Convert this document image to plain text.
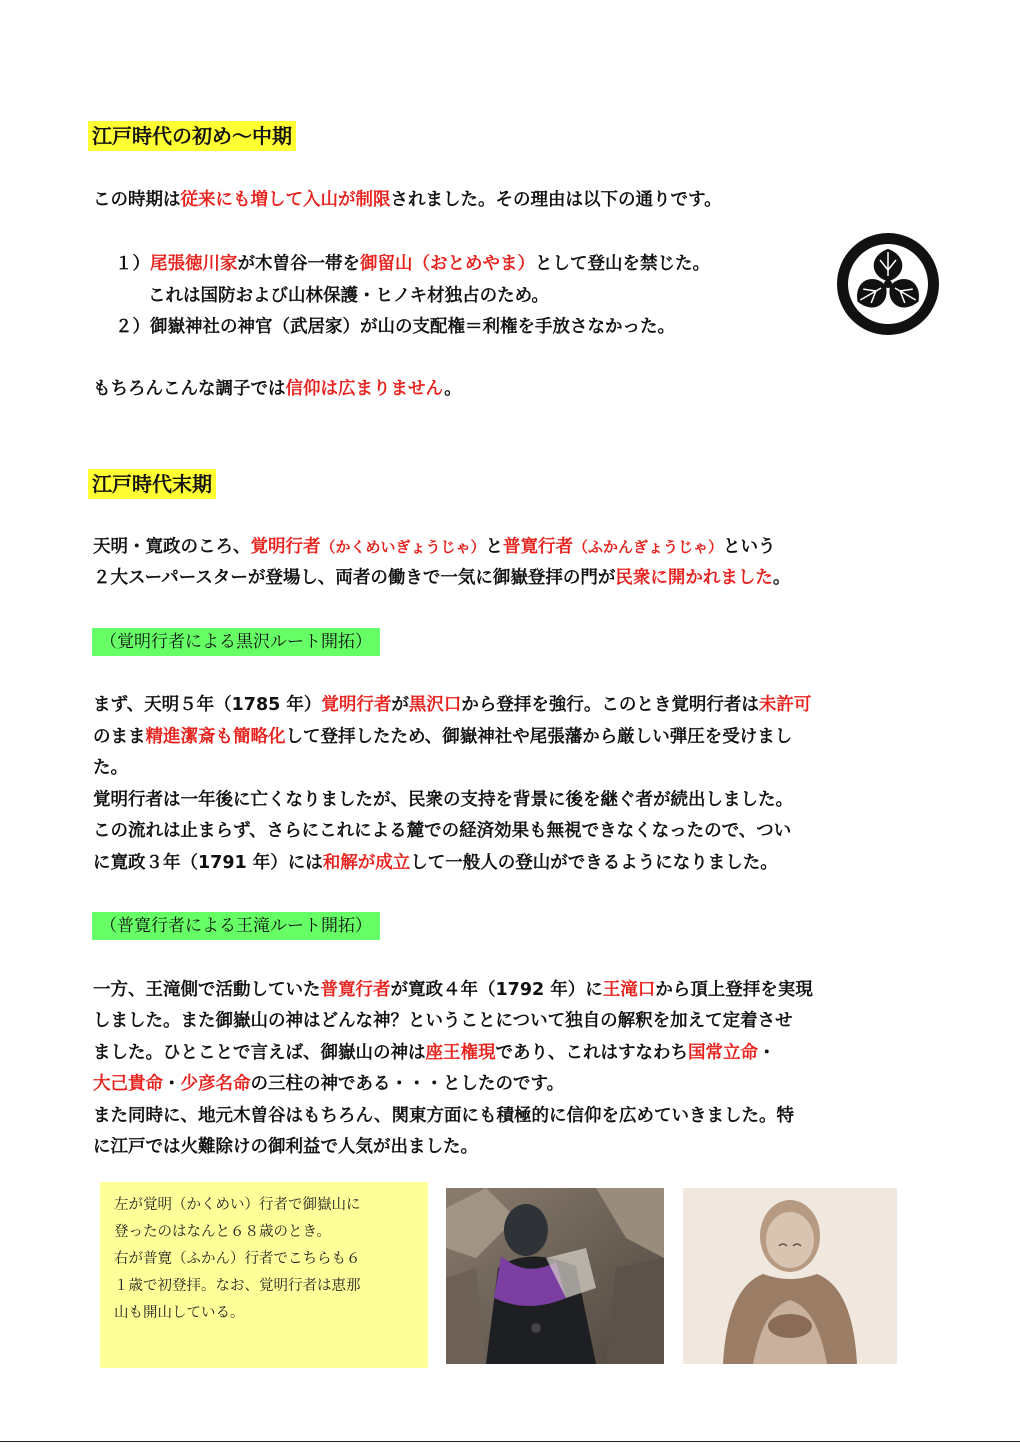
江戸時代の初め～中期
この時期は従来にも増して入山が制限されました。その理由は以下の通りです。
１）尾張徳川家が木曽谷一帯を御留山（おとめやま）として登山を禁じた。
これは国防および山林保護・ヒノキ材独占のため。
２）御嶽神社の神官（武居家）が山の支配権＝利権を手放さなかった。
もちろんこんな調子では信仰は広まりません。
江戸時代末期
天明・寛政のころ、覚明行者（かくめいぎょうじゃ）と普寛行者（ふかんぎょうじゃ）という
２大スーパースターが登場し、両者の働きで一気に御嶽登拝の門が民衆に開かれました。
（覚明行者による黒沢ルート開拓）
まず、天明５年（1785 年）覚明行者が黒沢口から登拝を強行。このとき覚明行者は未許可
のまま精進潔斎も簡略化して登拝したため、御嶽神社や尾張藩から厳しい弾圧を受けまし
た。
覚明行者は一年後に亡くなりましたが、民衆の支持を背景に後を継ぐ者が続出しました。
この流れは止まらず、さらにこれによる麓での経済効果も無視できなくなったので、つい
に寛政３年（1791 年）には和解が成立して一般人の登山ができるようになりました。
（普寛行者による王滝ルート開拓）
一方、王滝側で活動していた普寛行者が寛政４年（1792 年）に王滝口から頂上登拝を実現
しました。また御嶽山の神はどんな神？ということについて独自の解釈を加えて定着させ
ました。ひとことで言えば、御嶽山の神は座王権現であり、これはすなわち国常立命・
大己貴命・少彦名命の三柱の神である・・・としたのです。
また同時に、地元木曽谷はもちろん、関東方面にも積極的に信仰を広めていきました。特
に江戸では火難除けの御利益で人気が出ました。
左が覚明（かくめい）行者で御嶽山に
登ったのはなんと６８歳のとき。
右が普寛（ふかん）行者でこちらも６
１歳で初登拝。なお、覚明行者は恵那
山も開山している。
